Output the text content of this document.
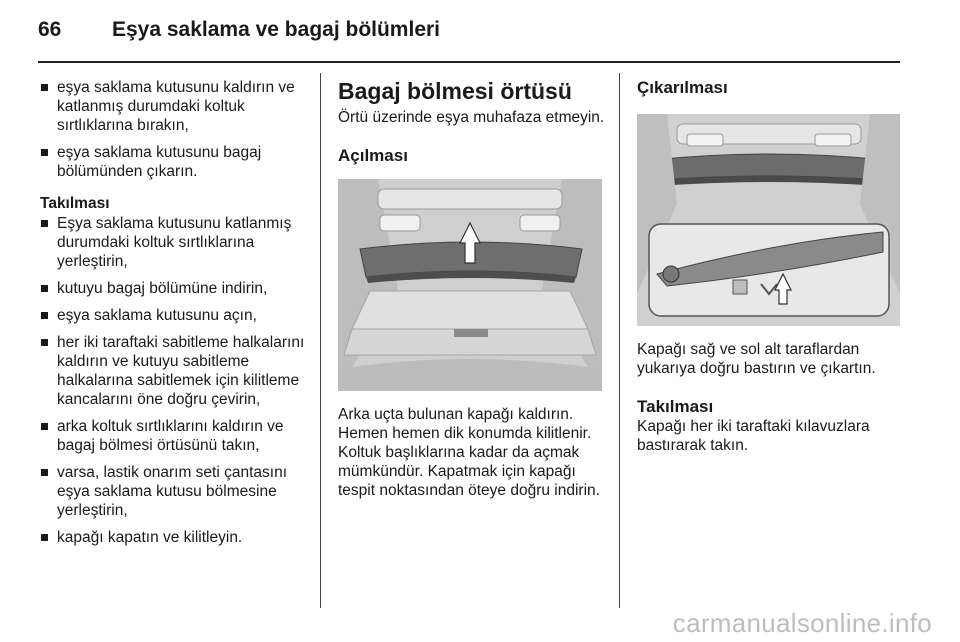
66 Eşya saklama ve bagaj bölümleri
eşya saklama kutusunu kaldırın ve katlanmış durumdaki koltuk sırtlıklarına bırakın,
eşya saklama kutusunu bagaj bölümünden çıkarın.
Takılması
Eşya saklama kutusunu katlanmış durumdaki koltuk sırtlıklarına yerleştirin,
kutuyu bagaj bölümüne indirin,
eşya saklama kutusunu açın,
her iki taraftaki sabitleme halkalarını kaldırın ve kutuyu sabitleme halkalarına sabitlemek için kilitleme kancalarını öne doğru çevirin,
arka koltuk sırtlıklarını kaldırın ve bagaj bölmesi örtüsünü takın,
varsa, lastik onarım seti çantasını eşya saklama kutusu bölmesine yerleştirin,
kapağı kapatın ve kilitleyin.
Bagaj bölmesi örtüsü

Örtü üzerinde eşya muhafaza etmeyin.

Açılması

Arka uçta bulunan kapağı kaldırın. Hemen hemen dik konumda kilitlenir. Koltuk başlıklarına kadar da açmak mümkündür. Kapatmak için kapağı tespit noktasından öteye doğru indirin.

Çıkarılması

Kapağı sağ ve sol alt taraflardan yukarıya doğru bastırın ve çıkartın.

Takılması

Kapağı her iki taraftaki kılavuzlara bastırarak takın.

carmanualsonline.info
